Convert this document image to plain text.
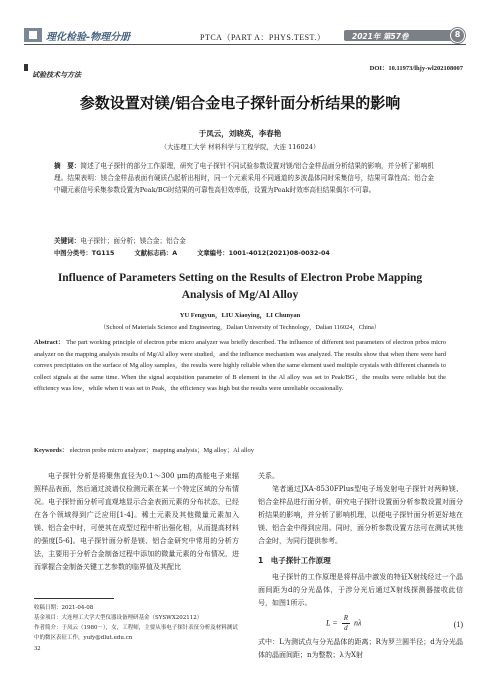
理化检验-物理分册	PTCA（PART A：PHYS.TEST.）	2021年 第57卷	8
试验技术与方法
DOI：10.11973/lhjy-wl202108007
参数设置对镁/铝合金电子探针面分析结果的影响
于凤云，刘晓英，李春艳
（大连理工大学 材料科学与工程学院，大连 116024）

摘　要：简述了电子探针的部分工作原理，研究了电子探针不同试验参数设置对镁/铝合金样品面分析结果的影响，并分析了影响机理。结果表明：镁合金样品表面有硬质凸起析出相时，同一个元素采用不同通道的多波晶体同时采集信号，结果可靠性高；铝合金中硼元素信号采集参数设置为Peak/BG时结果的可靠性高但效率低，设置为Peak时效率高但结果偶尔不可靠。

关键词：电子探针；面分析；镁合金；铝合金

中图分类号：TG115	文献标志码：A	文章编号：1001-4012(2021)08-0032-04
Influence of Parameters Setting on the Results of Electron Probe Mapping Analysis of Mg/Al Alloy
YU Fengyun，LIU Xiaoying，LI Chunyan
（School of Materials Science and Engineering，Dalian University of Technology，Dalian 116024，China）

Abstract： The part working principle of electron prbe micro analyzer was briefly described. The influence of different test parameters of electron prbos micro analyzer on the mapping analysis results of Mg/Al alloy were studied，and the influence mechanism was analyzed. The results show that when there were hard convex precipitates on the surface of Mg alloy samples，the results were highly reliable when the same element used multiple crystals with different channels to collect signals at the same time. When the signal acquisition parameter of B element in the Al alloy was set to Peak/BG，the results were reliable but the efficiency was low，while when it was set to Peak，the efficiency was high but the results were unreliable occasionally.

Keywords： electron probe micro analyzer；mapping analysis；Mg alloy；Al alloy

电子探针分析是将聚焦直径为0.1～300 μm的高能电子束辐照样品表面，然后通过波谱仪检测元素在某一个特定区域的分布情况。电子探针面分析可直观地显示合金表面元素的分布状态，已经在各个领域得到广泛应用[1-4]。稀土元素及其他微量元素加入镁、铝合金中时，可使其在成型过程中析出强化相，从而提高材料的强度[5-6]。电子探针面分析是镁、铝合金研究中常用的分析方法，主要用于分析合金制备过程中添加的微量元素的分布情况，进而掌握合金制备关键工艺参数的临界值及其配比

关系。

笔者通过JXA-8530FPlus型电子场发射电子探针对两种镁、铝合金样品进行面分析，研究电子探针设置面分析参数设置对面分析结果的影响，并分析了影响机理，以便电子探针面分析更好地在镁、铝合金中得到应用。同时，面分析参数设置方法可在测试其他合金时，为同行提供参考。

1　电子探针工作原理

电子探针的工作原理是将样品中激发的特征X射线经过一个晶面间距为d的分光晶体，于涉分光后通过X射线探测器接收此信号，如图1所示。

$L = \frac{R}{d}$ nλ	(1)

式中：L为测试点与分光晶体的距离；R为罗兰圆半径；d为分光晶体的晶面间距；n为整数；λ为X射

收稿日期：2021-04-08

基金项目：大连理工大学大型仪器设备理研基金（SYSWX202112）

作者简介：于凤云（1980－），女，工程师，主要从事电子探针表征分析及材料测试中的微区表征工作，yufy@dlut.edu.cn

32
